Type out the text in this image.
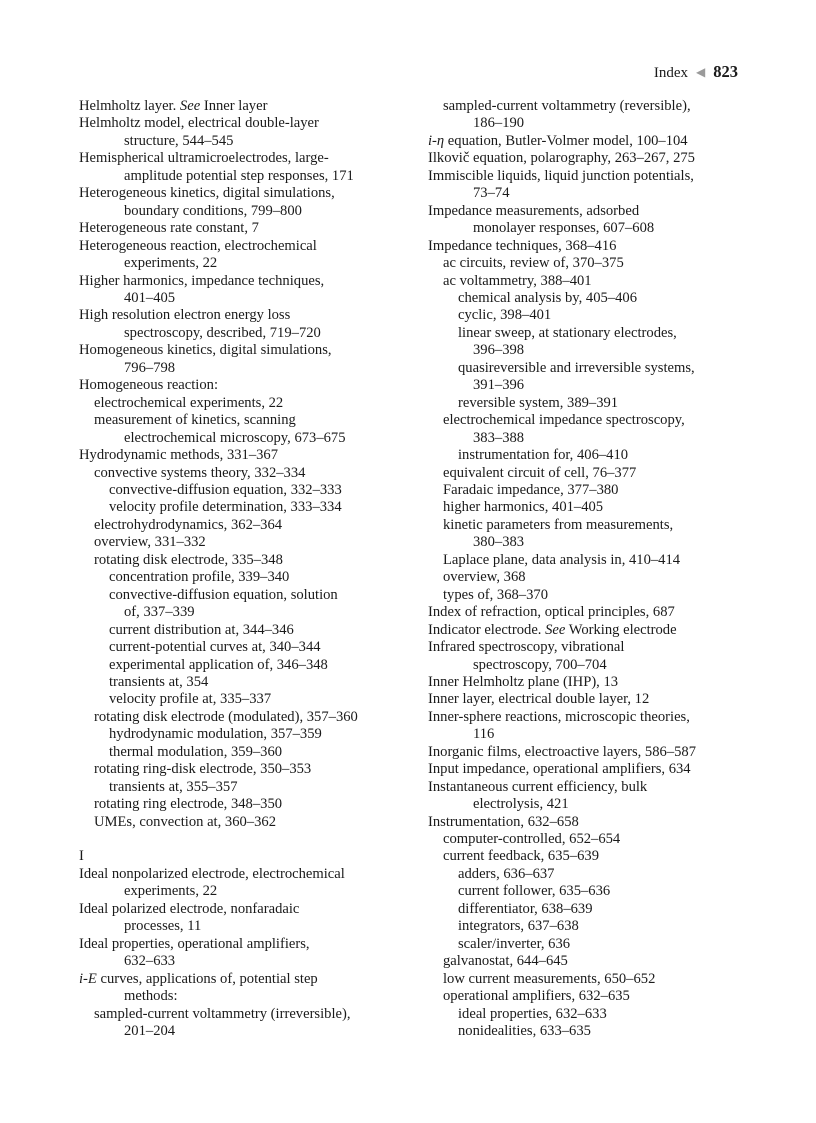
Index ◀ 823
Helmholtz layer. See Inner layer
Helmholtz model, electrical double-layer
structure, 544–545
Hemispherical ultramicroelectrodes, large-
amplitude potential step responses, 171
Heterogeneous kinetics, digital simulations,
boundary conditions, 799–800
Heterogeneous rate constant, 7
Heterogeneous reaction, electrochemical
experiments, 22
Higher harmonics, impedance techniques,
401–405
High resolution electron energy loss
spectroscopy, described, 719–720
Homogeneous kinetics, digital simulations,
796–798
Homogeneous reaction:
electrochemical experiments, 22
measurement of kinetics, scanning
electrochemical microscopy, 673–675
Hydrodynamic methods, 331–367
convective systems theory, 332–334
convective-diffusion equation, 332–333
velocity profile determination, 333–334
electrohydrodynamics, 362–364
overview, 331–332
rotating disk electrode, 335–348
concentration profile, 339–340
convective-diffusion equation, solution
of, 337–339
current distribution at, 344–346
current-potential curves at, 340–344
experimental application of, 346–348
transients at, 354
velocity profile at, 335–337
rotating disk electrode (modulated), 357–360
hydrodynamic modulation, 357–359
thermal modulation, 359–360
rotating ring-disk electrode, 350–353
transients at, 355–357
rotating ring electrode, 348–350
UMEs, convection at, 360–362
I
Ideal nonpolarized electrode, electrochemical
experiments, 22
Ideal polarized electrode, nonfaradaic
processes, 11
Ideal properties, operational amplifiers,
632–633
i-E curves, applications of, potential step
methods:
sampled-current voltammetry (irreversible),
201–204
sampled-current voltammetry (reversible),
186–190
i-η equation, Butler-Volmer model, 100–104
Ilkovič equation, polarography, 263–267, 275
Immiscible liquids, liquid junction potentials,
73–74
Impedance measurements, adsorbed
monolayer responses, 607–608
Impedance techniques, 368–416
ac circuits, review of, 370–375
ac voltammetry, 388–401
chemical analysis by, 405–406
cyclic, 398–401
linear sweep, at stationary electrodes,
396–398
quasireversible and irreversible systems,
391–396
reversible system, 389–391
electrochemical impedance spectroscopy,
383–388
instrumentation for, 406–410
equivalent circuit of cell, 76–377
Faradaic impedance, 377–380
higher harmonics, 401–405
kinetic parameters from measurements,
380–383
Laplace plane, data analysis in, 410–414
overview, 368
types of, 368–370
Index of refraction, optical principles, 687
Indicator electrode. See Working electrode
Infrared spectroscopy, vibrational
spectroscopy, 700–704
Inner Helmholtz plane (IHP), 13
Inner layer, electrical double layer, 12
Inner-sphere reactions, microscopic theories,
116
Inorganic films, electroactive layers, 586–587
Input impedance, operational amplifiers, 634
Instantaneous current efficiency, bulk
electrolysis, 421
Instrumentation, 632–658
computer-controlled, 652–654
current feedback, 635–639
adders, 636–637
current follower, 635–636
differentiator, 638–639
integrators, 637–638
scaler/inverter, 636
galvanostat, 644–645
low current measurements, 650–652
operational amplifiers, 632–635
ideal properties, 632–633
nonidealities, 633–635
